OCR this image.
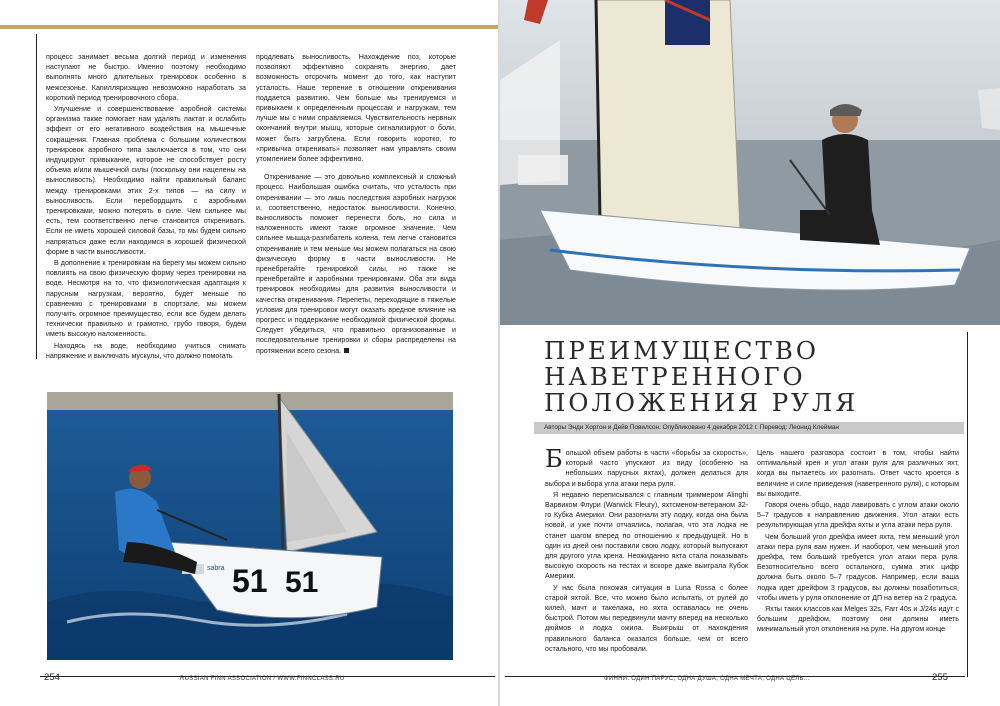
процесс занимает весьма долгий период и изменения наступают не быстро. Именно поэтому необходимо выполнять много длительных тренировок особенно в межсезонье. Капилляризацию невозможно наработать за короткий период тренировочного сбора.

Улучшение и совершенствование аэробной системы организма также помогает нам удалять лактат и ослабить эффект от его негативного воздействия на мышечные сокращения. Главная проблема с большим количеством тренировок аэробного типа заключается в том, что они индуцируют привыкание, которое не способствует росту объема и/или мышечной силы (поскольку они нацелены на выносливость). Необходимо найти правильный баланс между тренировками этих 2-х типов — на силу и выносливость. Если перебордщить с аэробными тренировками, можно потерять в силе. Чем сильнее мы есть, тем соответственно легче становится откренивать. Если не иметь хорошей силовой базы, то мы будем сильно напрягаться даже если находимся в хорошей физической форме в части выносливости.

В дополнение к тренировкам на берегу мы можем сильно повлиять на свою физическую форму через тренировки на воде. Несмотря на то, что физиологическая адаптация к парусным нагрузкам, вероятно, будет меньше по сравнению с тренировками в спортзале, мы можем получить огромное преимущество, если все будем делать технически правильно и грамотно, грубо говоря, будем иметь высокую наложенность.

Находясь на воде, необходимо учиться снимать напряжение и выключать мускулы, что должно помогать

продлевать выносливость. Нахождение поз, которые позволяют эффективно сохранять энергию, дает возможность отсрочить момент до того, как наступит усталость. Наше терпение в отношении откренивания поддается развитию. Чем больше мы тренируемся и привыкаем к определенным процессам и нагрузкам, тем лучше мы с ними справляемся. Чувствительность нервных окончаний внутри мышц, которые сигнализируют о боли, может быть загрублена. Если говорить коротко, то «привычка откренивать» позволяет нам управлять своим утомлением более эффективно.

Откренивание — это довольно комплексный и сложный процесс. Наибольшая ошибка считать, что усталость при откренивании — это лишь последствия аэробных нагрузок и, соответственно, недостаток выносливости. Конечно, выносливость поможет перенести боль, но сила и наложенность имеют также огромное значение. Чем сильнее мышца-разгибатель колена, тем легче становится откренивание и тем меньше мы можем полагаться на свою физическую форму в части выносливости. Не пренебрегайте тренировкой силы, но также не пренебрегайте и аэробными тренировками. Оба эти вида тренировок необходимы для развития выносливости и качества откренивания. Перепеты, переходящие в тяжелые условия для тренировок могут оказать вредное влияние на прогресс и поддержание необходимой физической формы. Следует убедиться, что правильно организованные и последовательные тренировки и сборы распределены на протяжении всего сезона.

51 51
sabra
254	RUSSIAN FINN ASSOCIATION / WWW.FINNCLASS.RU
ПРЕИМУЩЕСТВО
НАВЕТРЕННОГО
ПОЛОЖЕНИЯ РУЛЯ
Авторы Энди Хортон и Дейв Повилсон. Опубликовано 4 декабря 2012 г. Перевод: Леонид Клейман

Большой объем работы в части «борьбы за скорость», который часто упускают из виду (особенно на небольших парусных яхтах), должен делаться для выбора и выбора угла атаки пера руля.

Я недавно переписывался с главным триммером Alinghi Варвиком Флури (Warwick Fleury), яхтсменом-ветераном 32-го Кубка Америки. Они разогнали эту лодку, когда она была новой, и уже почти отчаялись, полагая, что эта лодка не станет шагом вперед по отношению к предыдущей. Но в один из дней они поставили свою лодку, который выпускают для другого угла крена. Неожиданно яхта стала показывать высокую скорость на тестах и вскоре даже выиграла Кубок Америки.

У нас была похожая ситуация в Luna Rossa с более старой яхтой. Все, что можно было испытать, от рулей до килей, мачт и такелажа, но яхта оставалась не очень быстрой. Потом мы передвинули мачту вперед на несколько дюймов и лодка ожила. Выигрыш от нахождения правильного баланса оказался больше, чем от всего остального, что мы пробовали.

Цель нашего разговора состоит в том, чтобы найти оптимальный крен и угол атаки руля для различных яхт, когда вы пытаетесь их разогнать. Ответ часто кроется в величине и силе приведения (наветренного руля), с которым вы выходите.

Говоря очень общо, надо лавировать с углом атаки около 5–7 градусов к направлению движения. Угол атаки есть результирующая угла дрейфа яхты и угла атаки пера руля.

Чем больший угол дрейфа имеет яхта, тем меньший угол атаки пера руля вам нужен. И наоборот, чем меньший угол дрейфа, тем больший требуется угол атаки пера руля. Безотносительно всего остального, сумма этих цифр должна быть около 5–7 градусов. Например, если ваша лодка идет дрейфом 3 градусов, вы должны позаботиться, чтобы иметь у руля отклонение от ДП на ветер на 2 градуса.

Яхты таких классов как Melges 32s, Farr 40s и J/24s идут с большим дрейфом, поэтому они должны иметь минимальный угол отклонения на руле. На другом конце

ФИННИ: ОДИН ПАРУС, ОДНА ДУША, ОДНА МЕЧТА, ОДНА ЦЕЛЬ...	255
